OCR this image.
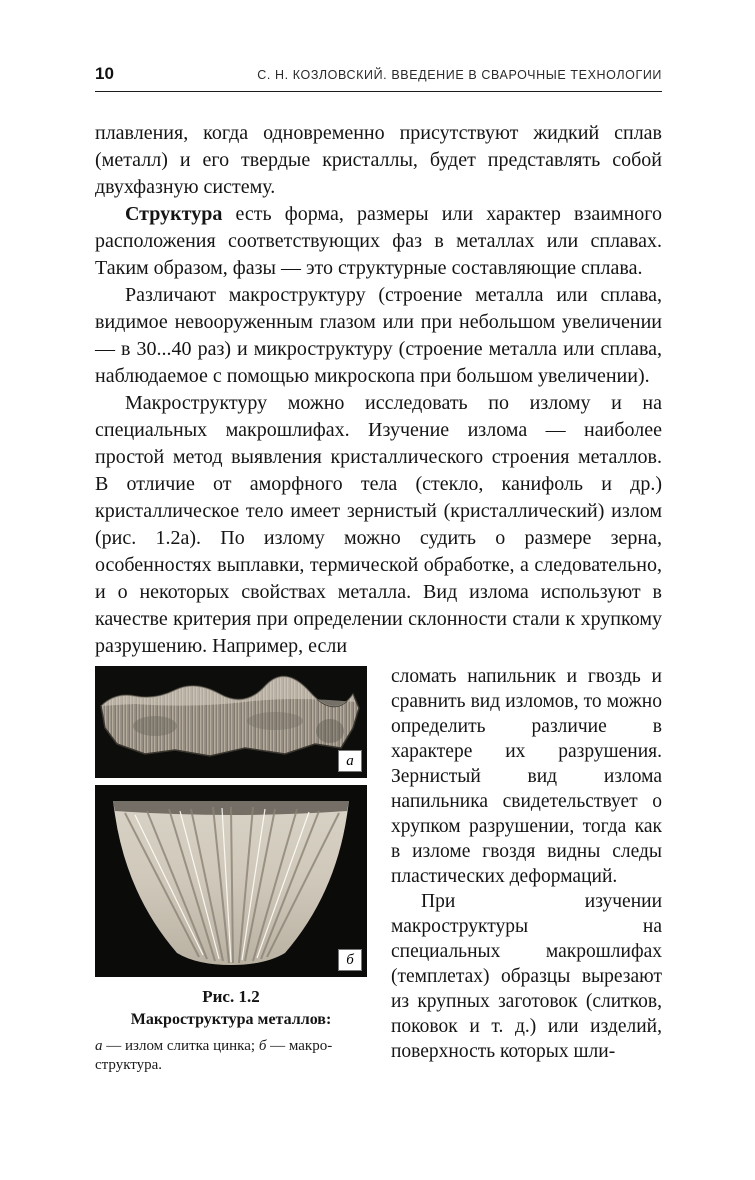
10	С. Н. КОЗЛОВСКИЙ. ВВЕДЕНИЕ В СВАРОЧНЫЕ ТЕХНОЛОГИИ

плавления, когда одновременно присутствуют жидкий сплав (металл) и его твердые кристаллы, будет представлять собой двухфазную систему.

Структура есть форма, размеры или характер взаимного расположения соответствующих фаз в металлах или сплавах. Таким образом, фазы — это структурные составляющие сплава.

Различают макроструктуру (строение металла или сплава, видимое невооруженным глазом или при небольшом увеличении — в 30...40 раз) и микроструктуру (строение металла или сплава, наблюдаемое с помощью микроскопа при большом увеличении).

Макроструктуру можно исследовать по излому и на специальных макрошлифах. Изучение излома — наиболее простой метод выявления кристаллического строения металлов. В отличие от аморфного тела (стекло, канифоль и др.) кристаллическое тело имеет зернистый (кристаллический) излом (рис. 1.2а). По излому можно судить о размере зерна, особенностях выплавки, термической обработке, а следовательно, и о некоторых свойствах металла. Вид излома используют в качестве критерия при определении склонности стали к хрупкому разрушению. Например, если

а
б
Рис. 1.2
Макроструктура металлов:
а — излом слитка цинка; б — макро-структура.

сломать напильник и гвоздь и сравнить вид изломов, то можно определить различие в характере их разрушения. Зернистый вид излома напильника свидетельствует о хрупком разрушении, тогда как в изломе гвоздя видны следы пластических деформаций.

При изучении макроструктуры на специальных макрошлифах (темплетах) образцы вырезают из крупных заготовок (слитков, поковок и т. д.) или изделий, поверхность которых шли-
